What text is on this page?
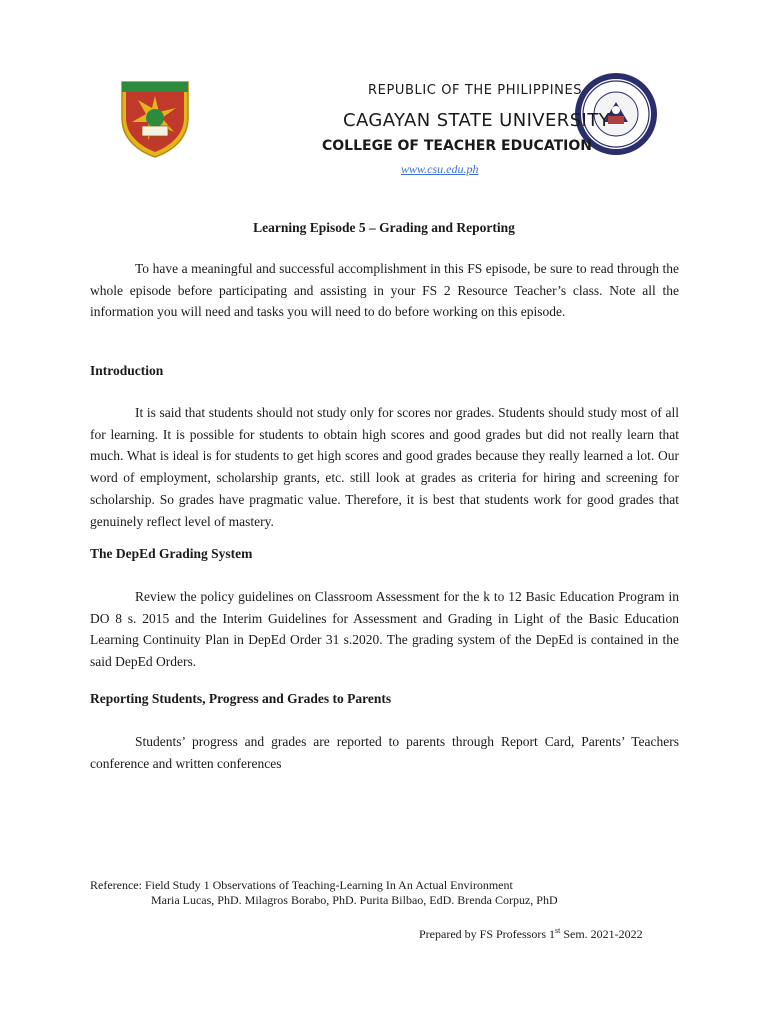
REPUBLIC OF THE PHILIPPINES
CAGAYAN STATE UNIVERSITY
COLLEGE OF TEACHER EDUCATION
www.csu.edu.ph
Learning Episode 5 – Grading and Reporting
To have a meaningful and successful accomplishment in this FS episode, be sure to read through the whole episode before participating and assisting in your FS 2 Resource Teacher’s class. Note all the information you will need and tasks you will need to do before working on this episode.
Introduction
It is said that students should not study only for scores nor grades. Students should study most of all for learning. It is possible for students to obtain high scores and good grades but did not really learn that much. What is ideal is for students to get high scores and good grades because they really learned a lot. Our word of employment, scholarship grants, etc. still look at grades as criteria for hiring and screening for scholarship. So grades have pragmatic value. Therefore, it is best that students work for good grades that genuinely reflect level of mastery.
The DepEd Grading System
Review the policy guidelines on Classroom Assessment for the k to 12 Basic Education Program in DO 8 s. 2015 and the Interim Guidelines for Assessment and Grading in Light of the Basic Education Learning Continuity Plan in DepEd Order 31 s.2020. The grading system of the DepEd is contained in the said DepEd Orders.
Reporting Students, Progress and Grades to Parents
Students’ progress and grades are reported to parents through Report Card, Parents’ Teachers conference and written conferences
Reference: Field Study 1 Observations of Teaching-Learning In An Actual Environment
Maria Lucas, PhD. Milagros Borabo, PhD. Purita Bilbao, EdD. Brenda Corpuz, PhD
Prepared by FS Professors 1st Sem. 2021-2022
